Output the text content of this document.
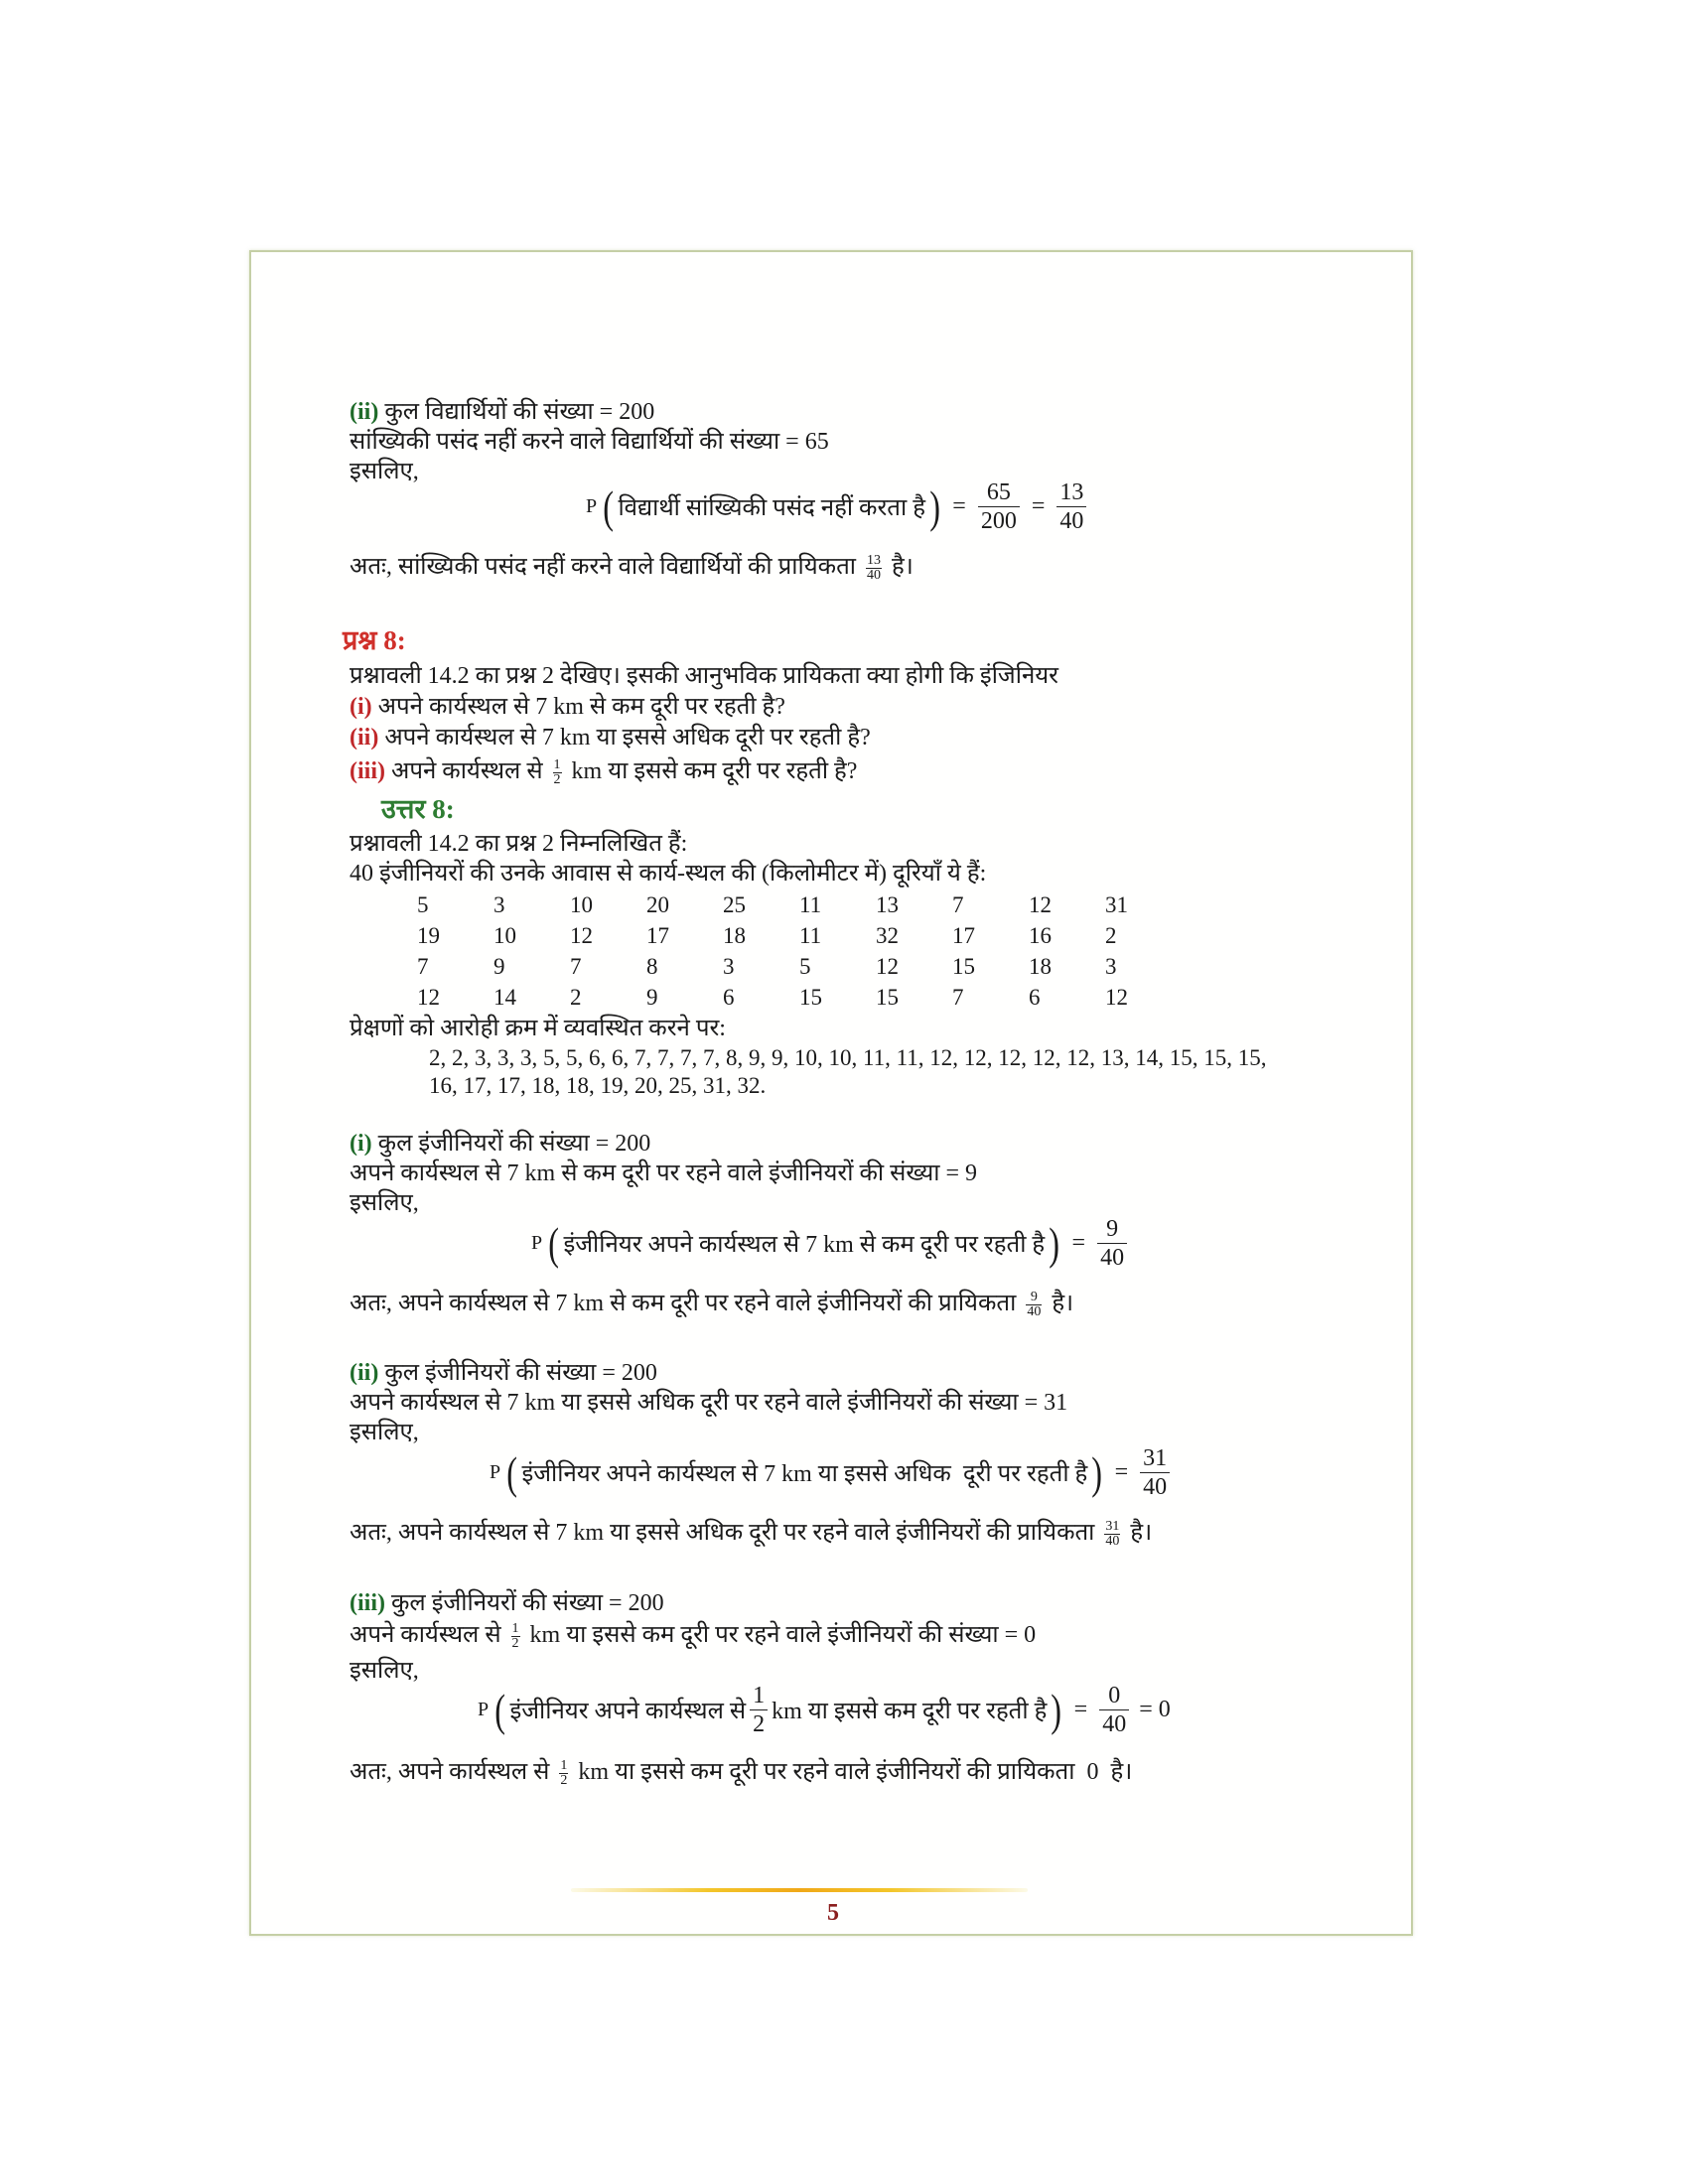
(ii) कुल विद्यार्थियों की संख्या = 200
सांख्यिकी पसंद नहीं करने वाले विद्यार्थियों की संख्या = 65
इसलिए,
P ( विद्यार्थी सांख्यिकी पसंद नहीं करता है ) = $\frac{65}{200} = \frac{13}{40}$
अतः, सांख्यिकी पसंद नहीं करने वाले विद्यार्थियों की प्रायिकता $\frac{13}{40}$ है।
प्रश्न 8:
प्रश्नावली 14.2 का प्रश्न 2 देखिए। इसकी आनुभविक प्रायिकता क्या होगी कि इंजिनियर
(i) अपने कार्यस्थल से 7 km से कम दूरी पर रहती है?
(ii) अपने कार्यस्थल से 7 km या इससे अधिक दूरी पर रहती है?
(iii) अपने कार्यस्थल से $\frac{1}{2}$ km या इससे कम दूरी पर रहती है?
उत्तर 8:
प्रश्नावली 14.2 का प्रश्न 2 निम्नलिखित हैं:
40 इंजीनियरों की उनके आवास से कार्य-स्थल की (किलोमीटर में) दूरियाँ ये हैं:
5	3	10	20	25	11	13	7	12	31
19	10	12	17	18	11	32	17	16	2
7	9	7	8	3	5	12	15	18	3
12	14	2	9	6	15	15	7	6	12
प्रेक्षणों को आरोही क्रम में व्यवस्थित करने पर:
2, 2, 3, 3, 3, 5, 5, 6, 6, 7, 7, 7, 7, 8, 9, 9, 10, 10, 11, 11, 12, 12, 12, 12, 12, 13, 14, 15, 15, 15,
16, 17, 17, 18, 18, 19, 20, 25, 31, 32.
(i) कुल इंजीनियरों की संख्या = 200
अपने कार्यस्थल से 7 km से कम दूरी पर रहने वाले इंजीनियरों की संख्या = 9
इसलिए,
P ( इंजीनियर अपने कार्यस्थल से 7 km से कम दूरी पर रहती है ) = $\frac{9}{40}$
अतः, अपने कार्यस्थल से 7 km से कम दूरी पर रहने वाले इंजीनियरों की प्रायिकता $\frac{9}{40}$ है।
(ii) कुल इंजीनियरों की संख्या = 200
अपने कार्यस्थल से 7 km या इससे अधिक दूरी पर रहने वाले इंजीनियरों की संख्या = 31
इसलिए,
P ( इंजीनियर अपने कार्यस्थल से 7 km या इससे अधिक  दूरी पर रहती है ) = $\frac{31}{40}$
अतः, अपने कार्यस्थल से 7 km या इससे अधिक दूरी पर रहने वाले इंजीनियरों की प्रायिकता $\frac{31}{40}$ है।
(iii) कुल इंजीनियरों की संख्या = 200
अपने कार्यस्थल से $\frac{1}{2}$ km या इससे कम दूरी पर रहने वाले इंजीनियरों की संख्या = 0
इसलिए,
P ( इंजीनियर अपने कार्यस्थल से $\frac{1}{2}$ km या इससे कम दूरी पर रहती है ) = $\frac{0}{40} = 0$
अतः, अपने कार्यस्थल से $\frac{1}{2}$ km या इससे कम दूरी पर रहने वाले इंजीनियरों की प्रायिकता 0 है।
5
